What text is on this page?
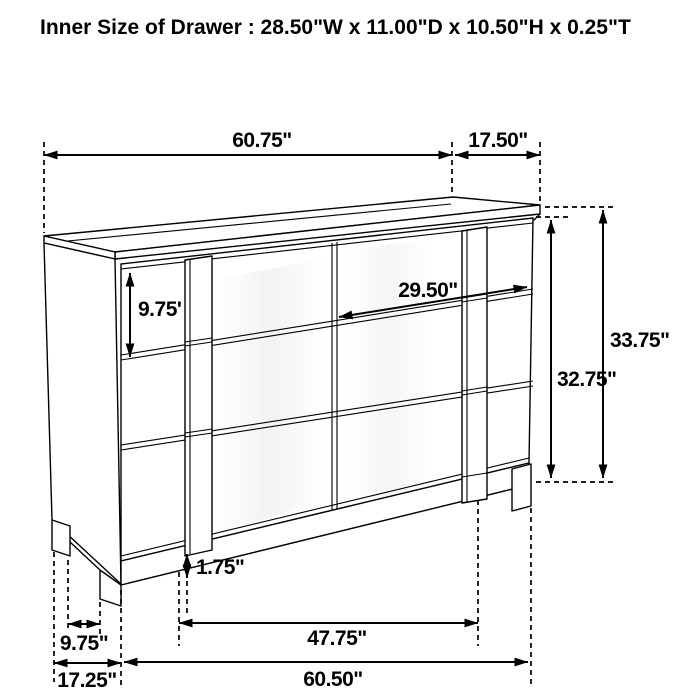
Inner Size of Drawer : 28.50"W x 11.00"D x 10.50"H x 0.25"T
60.75"	17.50"
9.75'
29.50"
32.75"
33.75"
1.75"
9.75"	47.75"
17.25"	60.50"
